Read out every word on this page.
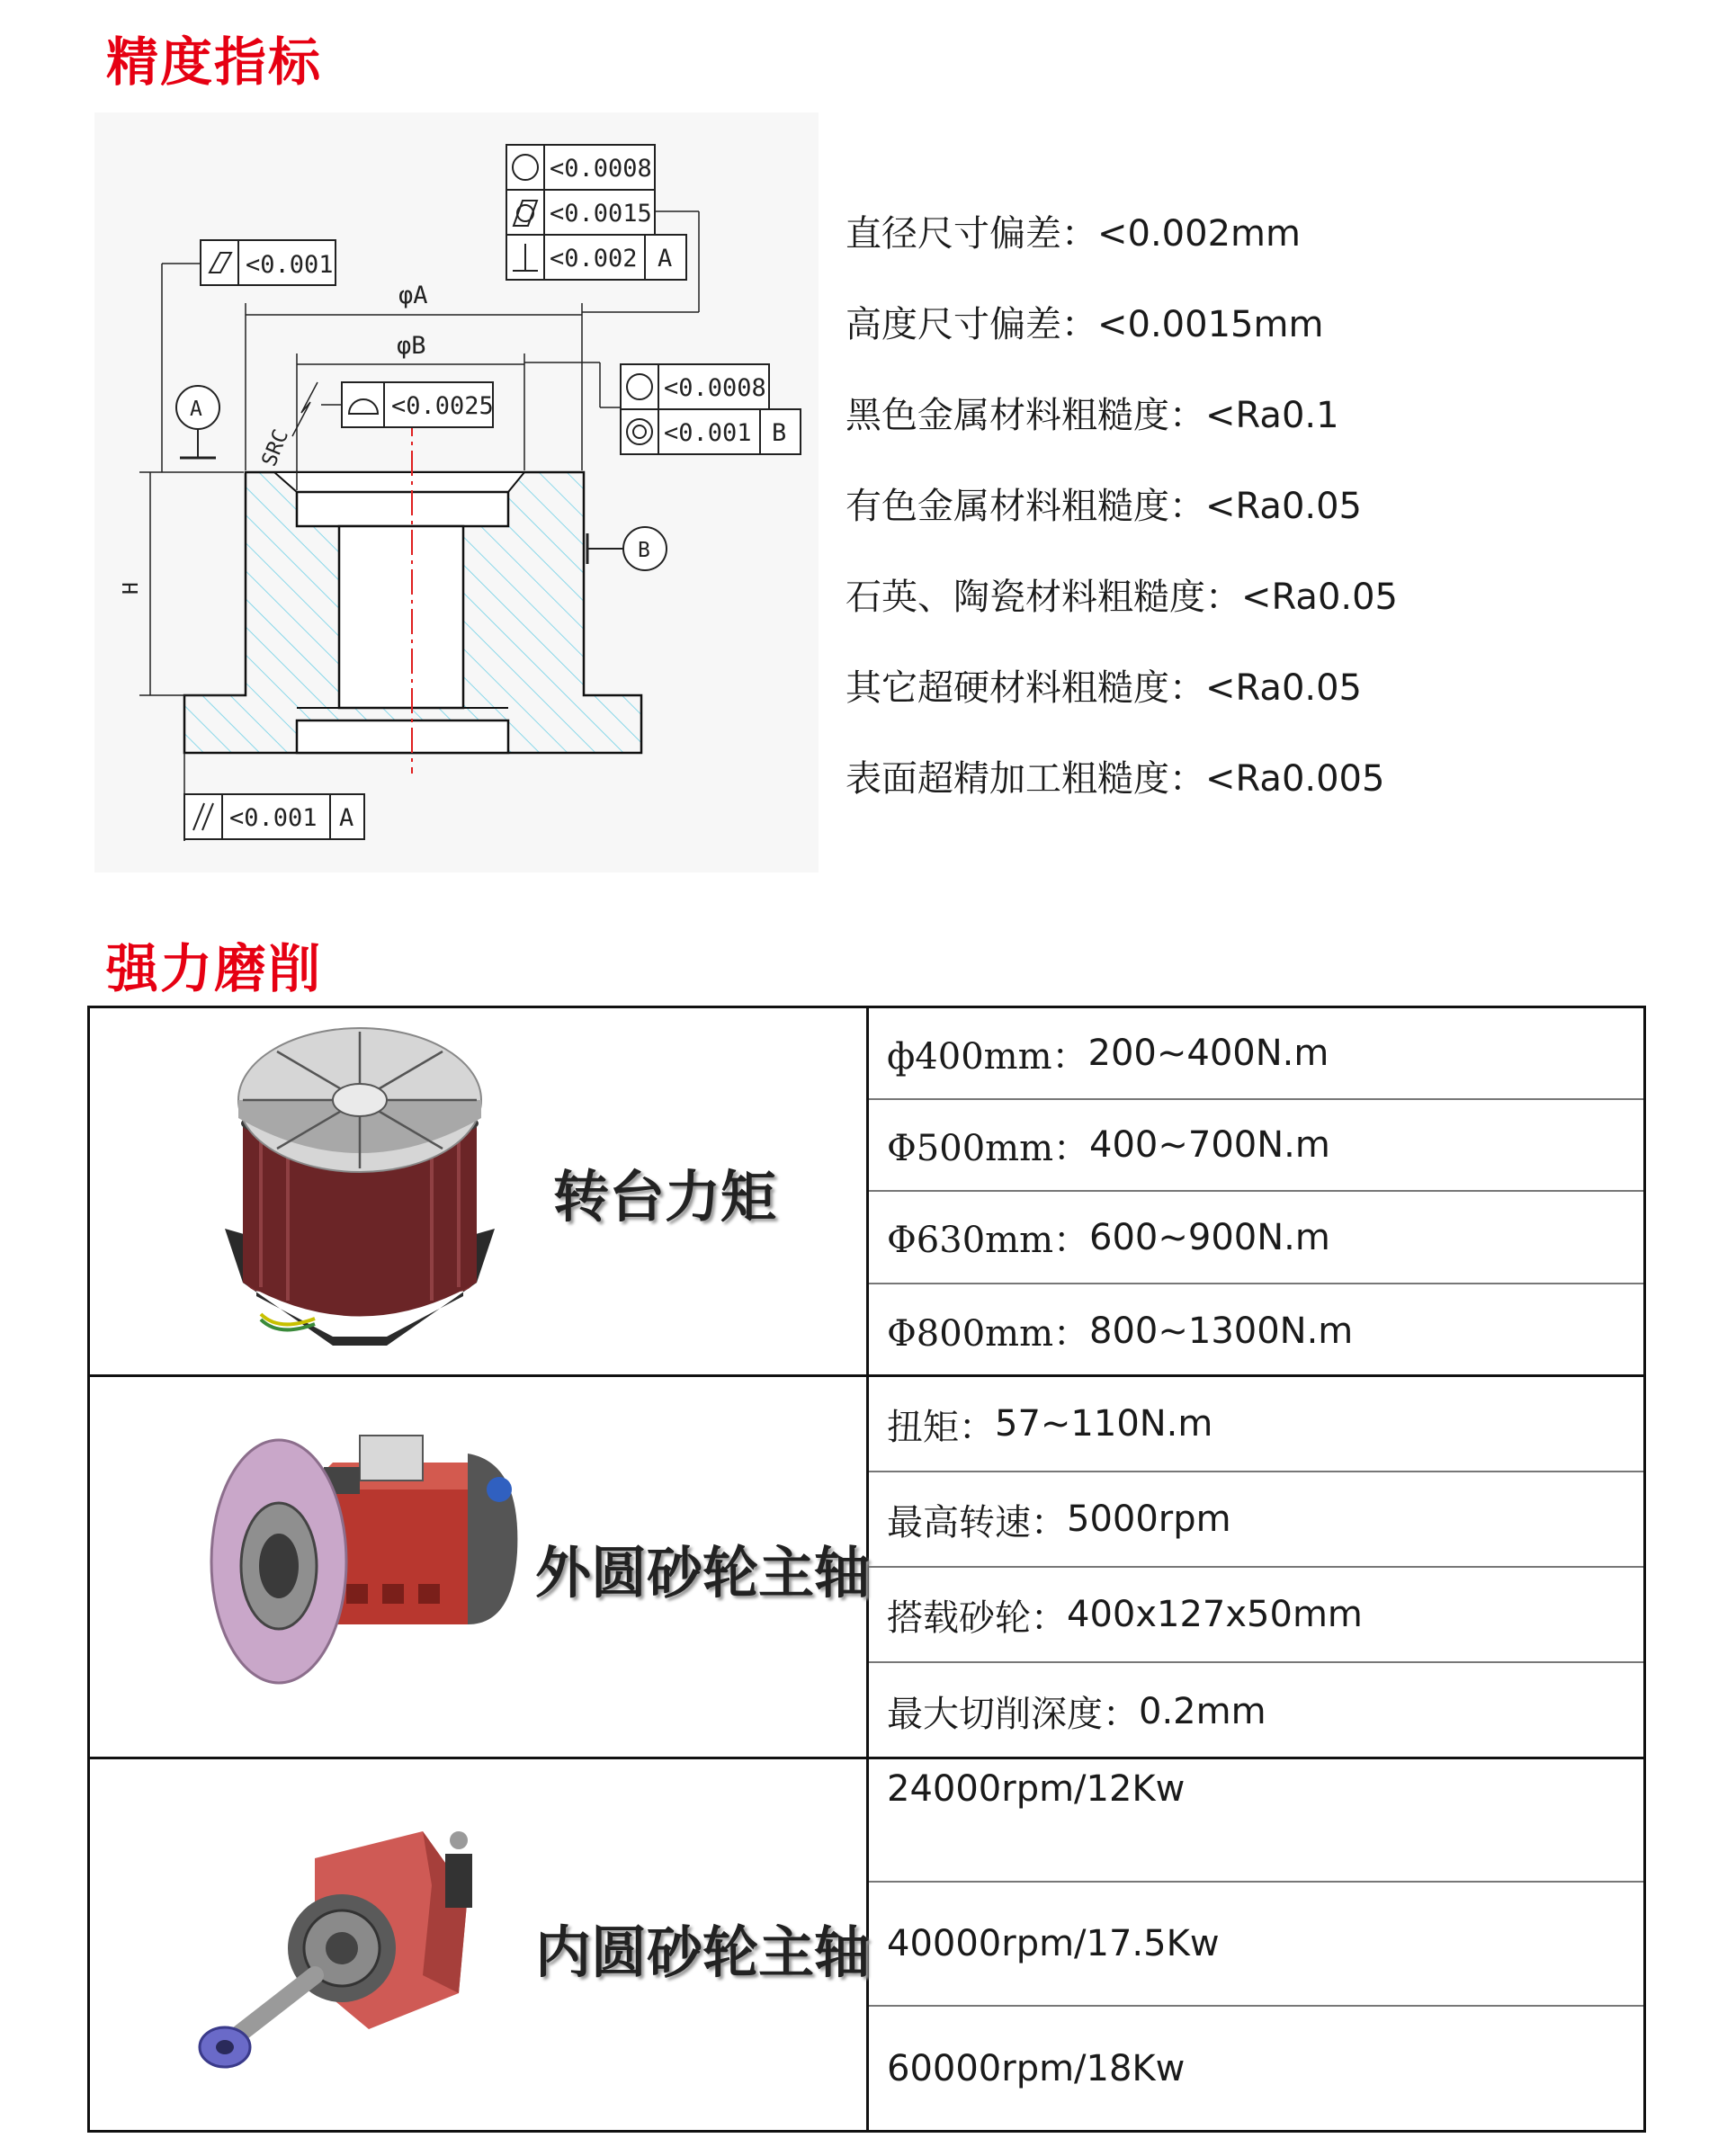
精度指标
φA
φB
H
A
B
SRC
<0.001
<0.0008
<0.0015
<0.002 A
<0.0025
<0.0008
<0.001 B
<0.001 A
直径尺寸偏差：<0.002mm
高度尺寸偏差：<0.0015mm
黑色金属材料粗糙度：<Ra0.1
有色金属材料粗糙度：<Ra0.05
石英、陶瓷材料粗糙度：<Ra0.05
其它超硬材料粗糙度：<Ra0.05
表面超精加工粗糙度：<Ra0.005
强力磨削
转台力矩
ф400mm： 200~400N.m
Φ500mm： 400~700N.m
Φ630mm： 600~900N.m
Φ800mm： 800~1300N.m
外圆砂轮主轴
扭矩： 57~110N.m
最高转速： 5000rpm
搭载砂轮： 400x127x50mm
最大切削深度： 0.2mm
内圆砂轮主轴
24000rpm/12Kw
40000rpm/17.5Kw
60000rpm/18Kw
